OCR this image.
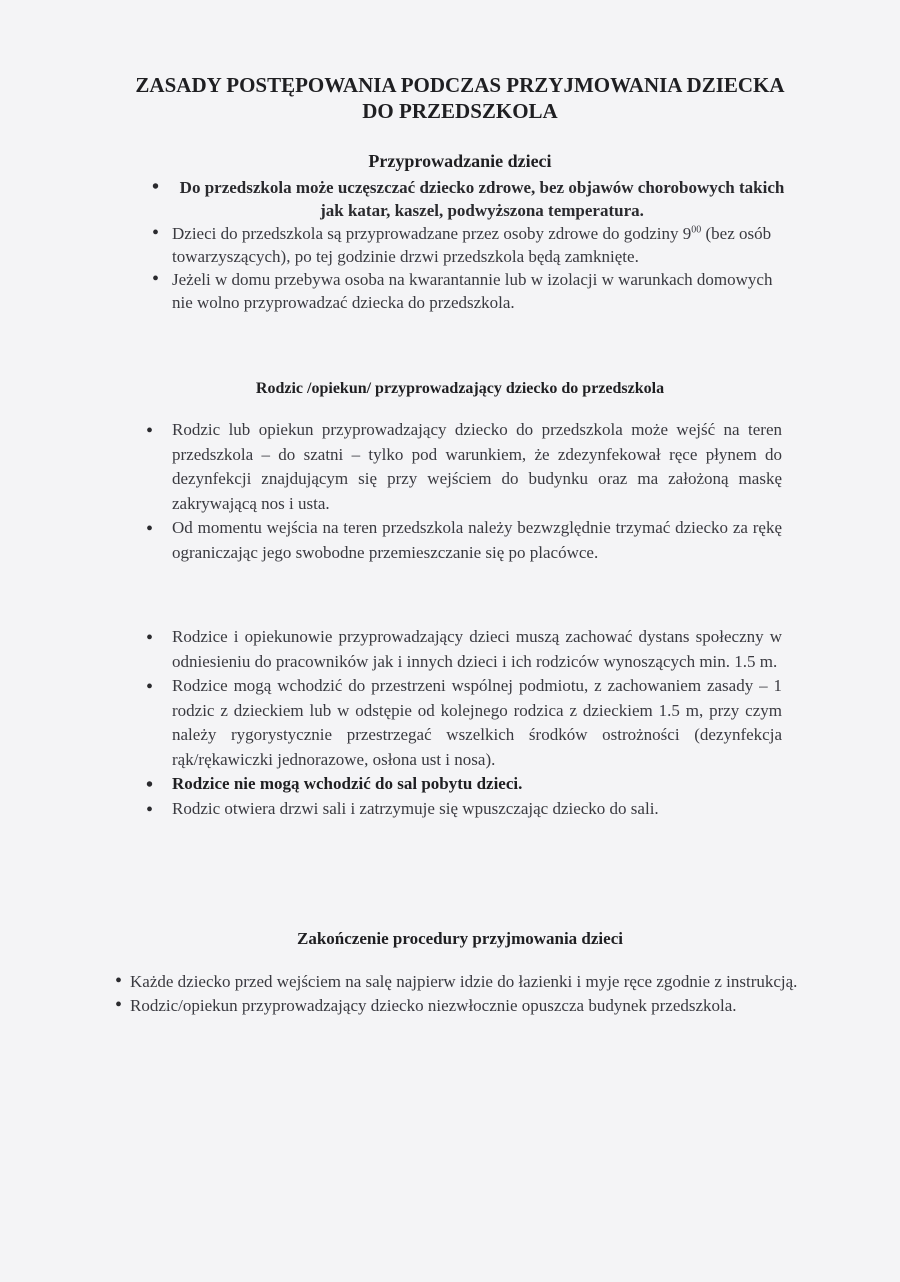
ZASADY POSTĘPOWANIA PODCZAS PRZYJMOWANIA DZIECKA
DO PRZEDSZKOLA
Przyprowadzanie dzieci
• Do przedszkola może uczęszczać dziecko zdrowe, bez objawów chorobowych takich jak katar, kaszel, podwyższona temperatura.
• Dzieci do przedszkola są przyprowadzane przez osoby zdrowe do godziny $9^{00}$ (bez osób towarzyszących), po tej godzinie drzwi przedszkola będą zamknięte.
• Jeżeli w domu przebywa osoba na kwarantannie lub w izolacji w warunkach domowych nie wolno przyprowadzać dziecka do przedszkola.
Rodzic /opiekun/ przyprowadzający dziecko do przedszkola
• Rodzic lub opiekun przyprowadzający dziecko do przedszkola może wejść na teren przedszkola – do szatni – tylko pod warunkiem, że zdezynfekował ręce płynem do dezynfekcji znajdującym się przy wejściem do budynku oraz ma założoną maskę zakrywającą nos i usta.
• Od momentu wejścia na teren przedszkola należy bezwzględnie trzymać dziecko za rękę ograniczając jego swobodne przemieszczanie się po placówce.
• Rodzice i opiekunowie przyprowadzający dzieci muszą zachować dystans społeczny w odniesieniu do pracowników jak i innych dzieci i ich rodziców wynoszących min. 1.5 m.
• Rodzice mogą wchodzić do przestrzeni wspólnej podmiotu, z zachowaniem zasady – 1 rodzic z dzieckiem lub w odstępie od kolejnego rodzica z dzieckiem 1.5 m, przy czym należy rygorystycznie przestrzegać wszelkich środków ostrożności (dezynfekcja rąk/rękawiczki jednorazowe, osłona ust i nosa).
• Rodzice nie mogą wchodzić do sal pobytu dzieci.
• Rodzic otwiera drzwi sali i zatrzymuje się wpuszczając dziecko do sali.
Zakończenie procedury przyjmowania dzieci
• Każde dziecko przed wejściem na salę najpierw idzie do łazienki i myje ręce zgodnie z instrukcją.
• Rodzic/opiekun przyprowadzający dziecko niezwłocznie opuszcza budynek przedszkola.
